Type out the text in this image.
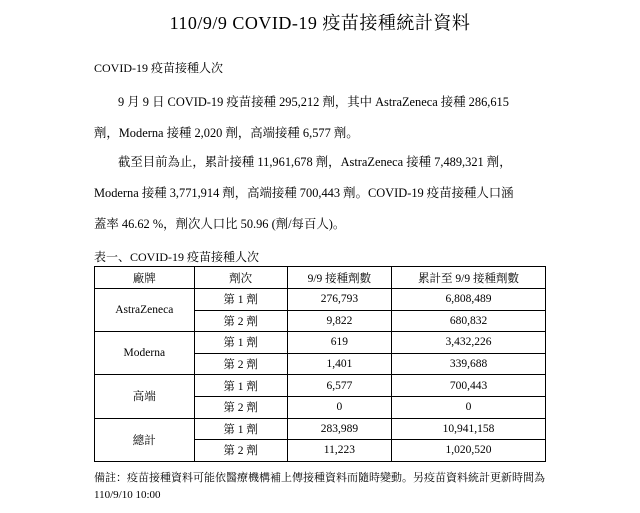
110/9/9 COVID-19 疫苗接種統計資料
COVID-19 疫苗接種人次
9 月 9 日 COVID-19 疫苗接種 295,212 劑，其中 AstraZeneca 接種 286,615
劑，Moderna 接種 2,020 劑，高端接種 6,577 劑。
截至目前為止，累計接種 11,961,678 劑，AstraZeneca 接種 7,489,321 劑，
Moderna 接種 3,771,914 劑，高端接種 700,443 劑。COVID-19 疫苗接種人口涵
蓋率 46.62 %，劑次人口比 50.96 (劑/每百人)。
表一、COVID-19 疫苗接種人次
廠牌	劑次	9/9 接種劑數	累計至 9/9 接種劑數
AstraZeneca	第 1 劑	276,793	6,808,489
	第 2 劑	9,822	680,832
Moderna	第 1 劑	619	3,432,226
	第 2 劑	1,401	339,688
高端	第 1 劑	6,577	700,443
	第 2 劑	0	0
總計	第 1 劑	283,989	10,941,158
	第 2 劑	11,223	1,020,520
備註：疫苗接種資料可能依醫療機構補上傳接種資料而隨時變動。另疫苗資料統計更新時間為
110/9/10 10:00
